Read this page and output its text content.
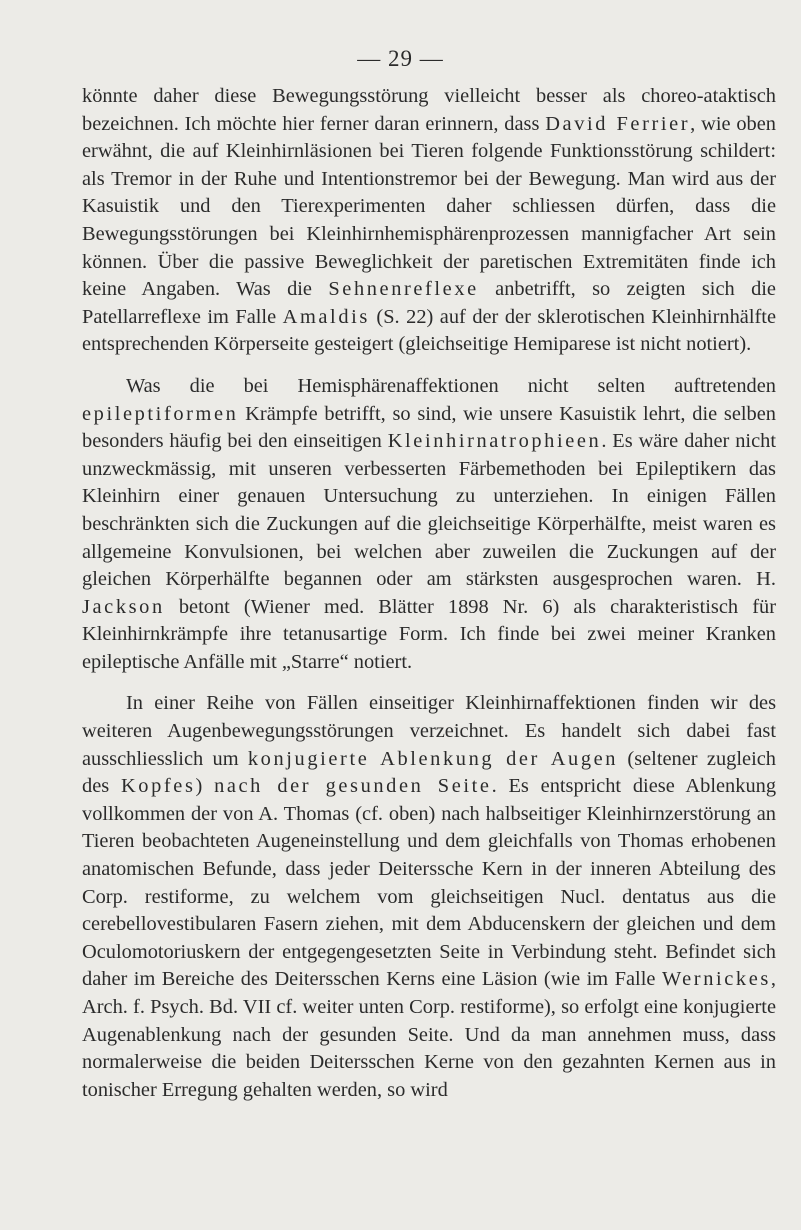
— 29 —

könnte daher diese Bewegungsstörung vielleicht besser als choreo-ataktisch bezeichnen. Ich möchte hier ferner daran erinnern, dass David Ferrier, wie oben erwähnt, die auf Kleinhirnläsionen bei Tieren folgende Funktionsstörung schildert: als Tremor in der Ruhe und Intentionstremor bei der Bewegung. Man wird aus der Kasuistik und den Tierexperimenten daher schliessen dürfen, dass die Bewegungsstörungen bei Kleinhirnhemisphärenprozessen mannigfacher Art sein können. Über die passive Beweglichkeit der paretischen Extremitäten finde ich keine Angaben. Was die Sehnenreflexe anbetrifft, so zeigten sich die Patellarreflexe im Falle Amaldis (S. 22) auf der der sklerotischen Kleinhirnhälfte entsprechenden Körperseite gesteigert (gleichseitige Hemiparese ist nicht notiert).

Was die bei Hemisphärenaffektionen nicht selten auftretenden epileptiformen Krämpfe betrifft, so sind, wie unsere Kasuistik lehrt, die selben besonders häufig bei den einseitigen Kleinhirnatrophieen. Es wäre daher nicht unzweckmässig, mit unseren verbesserten Färbemethoden bei Epileptikern das Kleinhirn einer genauen Untersuchung zu unterziehen. In einigen Fällen beschränkten sich die Zuckungen auf die gleichseitige Körperhälfte, meist waren es allgemeine Konvulsionen, bei welchen aber zuweilen die Zuckungen auf der gleichen Körperhälfte begannen oder am stärksten ausgesprochen waren. H. Jackson betont (Wiener med. Blätter 1898 Nr. 6) als charakteristisch für Kleinhirnkrämpfe ihre tetanusartige Form. Ich finde bei zwei meiner Kranken epileptische Anfälle mit „Starre“ notiert.

In einer Reihe von Fällen einseitiger Kleinhirnaffektionen finden wir des weiteren Augenbewegungsstörungen verzeichnet. Es handelt sich dabei fast ausschliesslich um konjugierte Ablenkung der Augen (seltener zugleich des Kopfes) nach der gesunden Seite. Es entspricht diese Ablenkung vollkommen der von A. Thomas (cf. oben) nach halbseitiger Kleinhirnzerstörung an Tieren beobachteten Augeneinstellung und dem gleichfalls von Thomas erhobenen anatomischen Befunde, dass jeder Deiterssche Kern in der inneren Abteilung des Corp. restiforme, zu welchem vom gleichseitigen Nucl. dentatus aus die cerebellovestibularen Fasern ziehen, mit dem Abducenskern der gleichen und dem Oculomotoriuskern der entgegengesetzten Seite in Verbindung steht. Befindet sich daher im Bereiche des Deitersschen Kerns eine Läsion (wie im Falle Wernickes, Arch. f. Psych. Bd. VII cf. weiter unten Corp. restiforme), so erfolgt eine konjugierte Augenablenkung nach der gesunden Seite. Und da man annehmen muss, dass normalerweise die beiden Deitersschen Kerne von den gezahnten Kernen aus in tonischer Erregung gehalten werden, so wird
